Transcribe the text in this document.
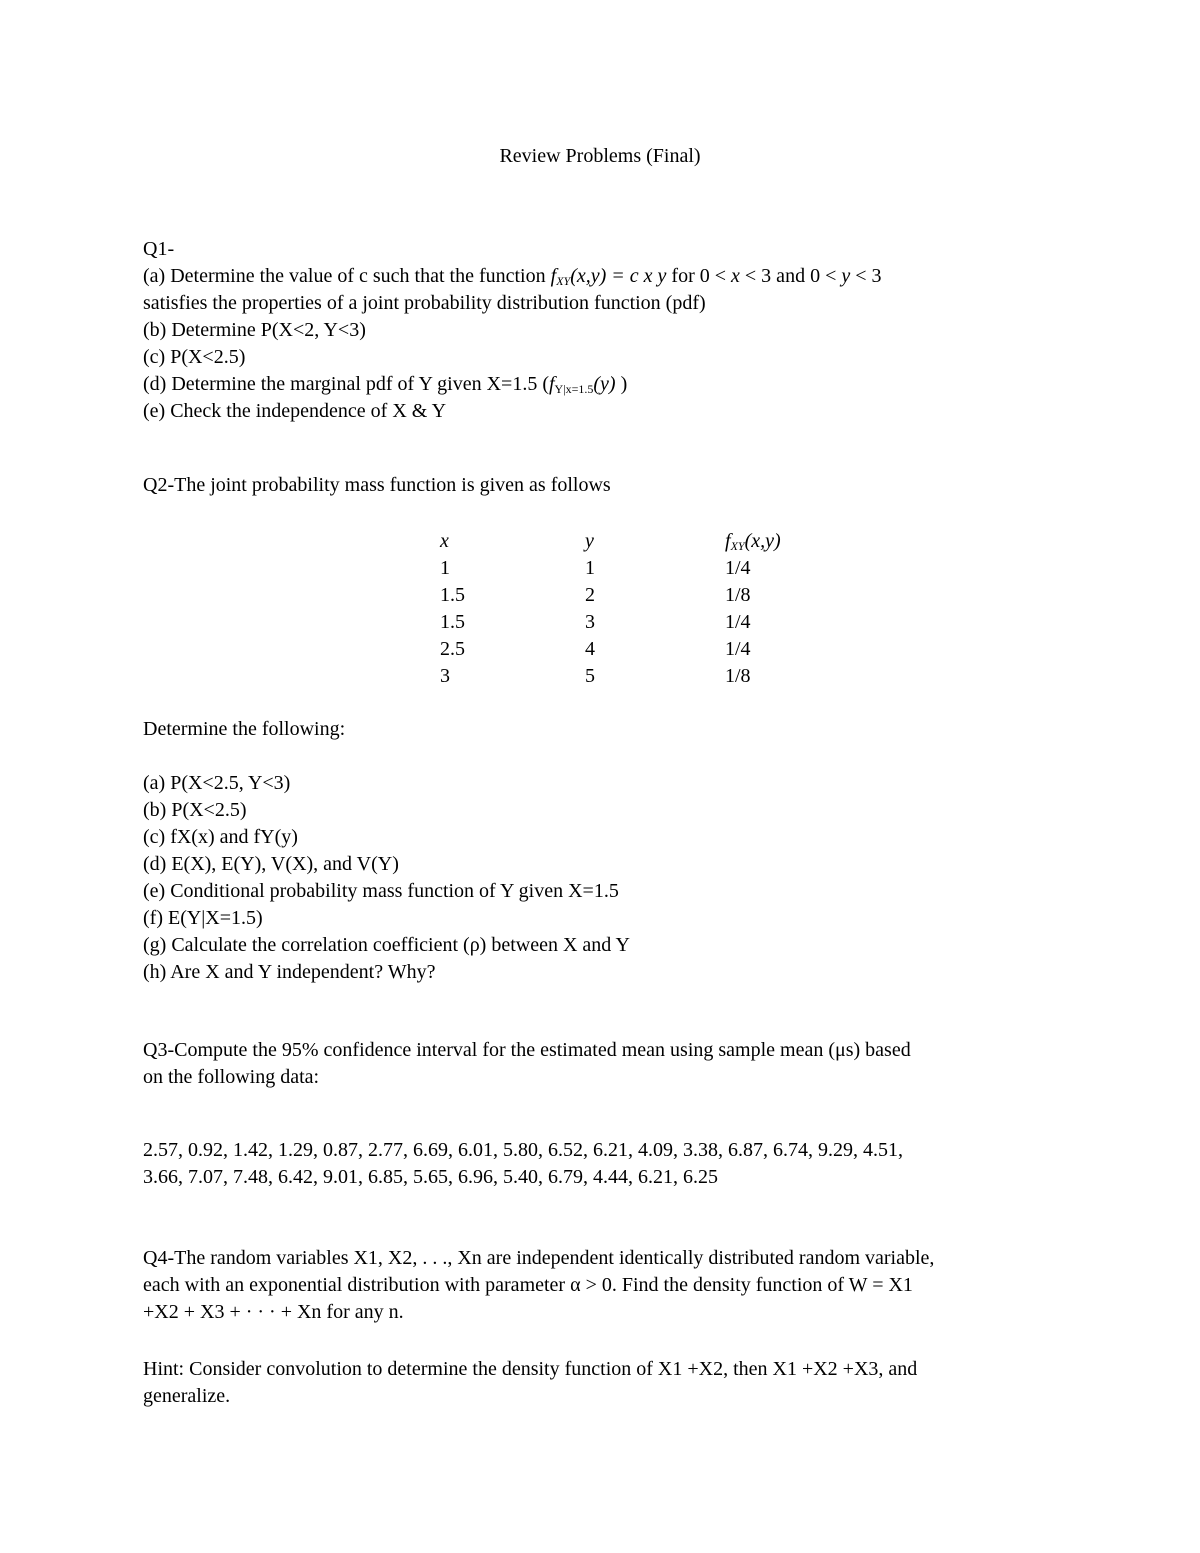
Review Problems (Final)
Q1-
(a) Determine the value of c such that the function $f_{XY}(x,y) = c$ x y for 0 < x < 3 and 0 < y < 3
satisfies the properties of a joint probability distribution function (pdf)
(b) Determine P(X<2, Y<3)
(c) P(X<2.5)
(d) Determine the marginal pdf of Y given X=1.5 ($f_{Y|x=1.5}(y)$ )
(e) Check the independence of X & Y
Q2-The joint probability mass function is given as follows
x	y	$f_{XY}(x,y)$
1	1	1/4
1.5	2	1/8
1.5	3	1/4
2.5	4	1/4
3	5	1/8
Determine the following:
(a) P(X<2.5, Y<3)
(b) P(X<2.5)
(c) fX(x) and fY(y)
(d) E(X), E(Y), V(X), and V(Y)
(e) Conditional probability mass function of Y given X=1.5
(f) E(Y|X=1.5)
(g) Calculate the correlation coefficient (ρ) between X and Y
(h) Are X and Y independent? Why?
Q3-Compute the 95% confidence interval for the estimated mean using sample mean (μs) based
on the following data:
2.57, 0.92, 1.42, 1.29, 0.87, 2.77, 6.69, 6.01, 5.80, 6.52, 6.21, 4.09, 3.38, 6.87, 6.74, 9.29, 4.51,
3.66, 7.07, 7.48, 6.42, 9.01, 6.85, 5.65, 6.96, 5.40, 6.79, 4.44, 6.21, 6.25
Q4-The random variables X1, X2, . . ., Xn are independent identically distributed random variable,
each with an exponential distribution with parameter α > 0. Find the density function of W = X1
+X2 + X3 + · · · + Xn for any n.
Hint: Consider convolution to determine the density function of X1 +X2, then X1 +X2 +X3, and
generalize.
